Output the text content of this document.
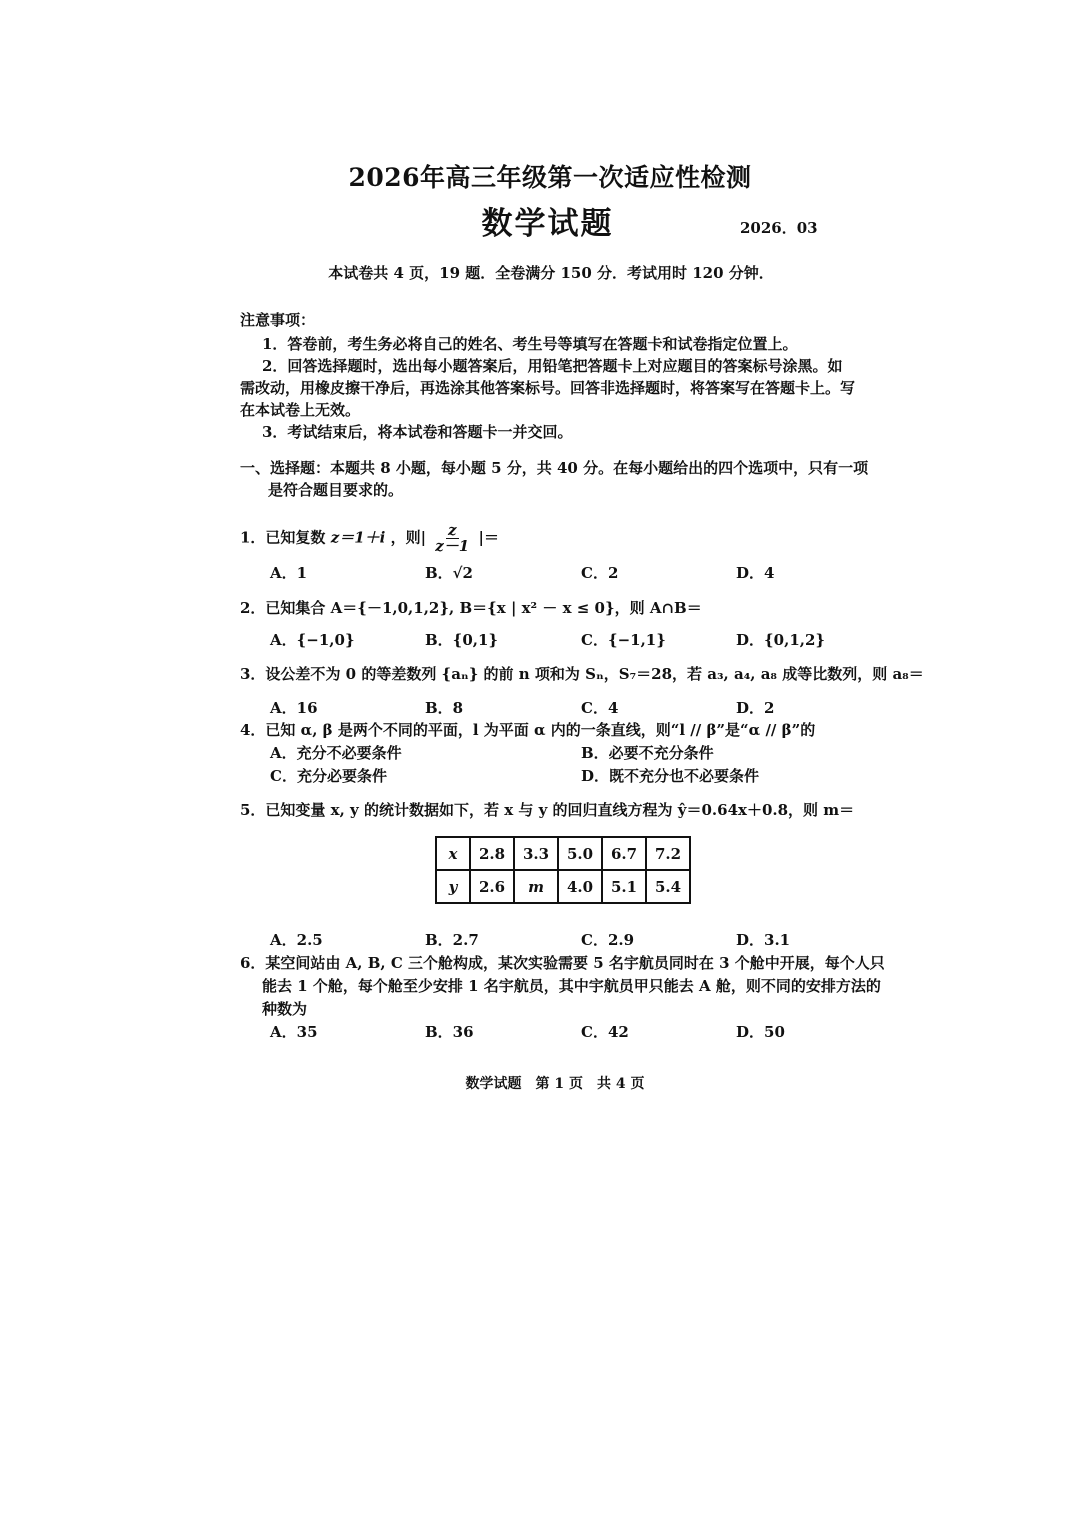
2026年高三年级第一次适应性检测
数学试题	2026．03
本试卷共 4 页，19 题．全卷满分 150 分．考试用时 120 分钟．
注意事项：
1．答卷前，考生务必将自己的姓名、考生号等填写在答题卡和试卷指定位置上。
2．回答选择题时，选出每小题答案后，用铅笔把答题卡上对应题目的答案标号涂黑。如
需改动，用橡皮擦干净后，再选涂其他答案标号。回答非选择题时，将答案写在答题卡上。写
在本试卷上无效。
3．考试结束后，将本试卷和答题卡一并交回。
一、选择题：本题共 8 小题，每小题 5 分，共 40 分。在每小题给出的四个选项中，只有一项
是符合题目要求的。
1．已知复数 z＝1＋i ，则| $\frac{z}{z-1}$ |＝
A．1	B．√2	C．2	D．4
2．已知集合 A＝{－1,0,1,2}, B＝{x | x² － x ≤ 0}，则 A∩B＝
A．{−1,0}	B．{0,1}	C．{−1,1}	D．{0,1,2}
3．设公差不为 0 的等差数列 {aₙ} 的前 n 项和为 Sₙ，S₇＝28，若 a₃, a₄, a₈ 成等比数列，则 a₈＝
A．16	B．8	C．4	D．2
4．已知 α, β 是两个不同的平面，l 为平面 α 内的一条直线，则“l // β”是“α // β”的
A．充分不必要条件	B．必要不充分条件
C．充分必要条件	D．既不充分也不必要条件
5．已知变量 x, y 的统计数据如下，若 x 与 y 的回归直线方程为 ŷ＝0.64x＋0.8，则 m＝
x	2.8	3.3	5.0	6.7	7.2
y	2.6	m	4.0	5.1	5.4
A．2.5	B．2.7	C．2.9	D．3.1
6．某空间站由 A, B, C 三个舱构成，某次实验需要 5 名宇航员同时在 3 个舱中开展，每个人只
能去 1 个舱，每个舱至少安排 1 名宇航员，其中宇航员甲只能去 A 舱，则不同的安排方法的
种数为
A．35	B．36	C．42	D．50
数学试题　第 1 页　共 4 页
